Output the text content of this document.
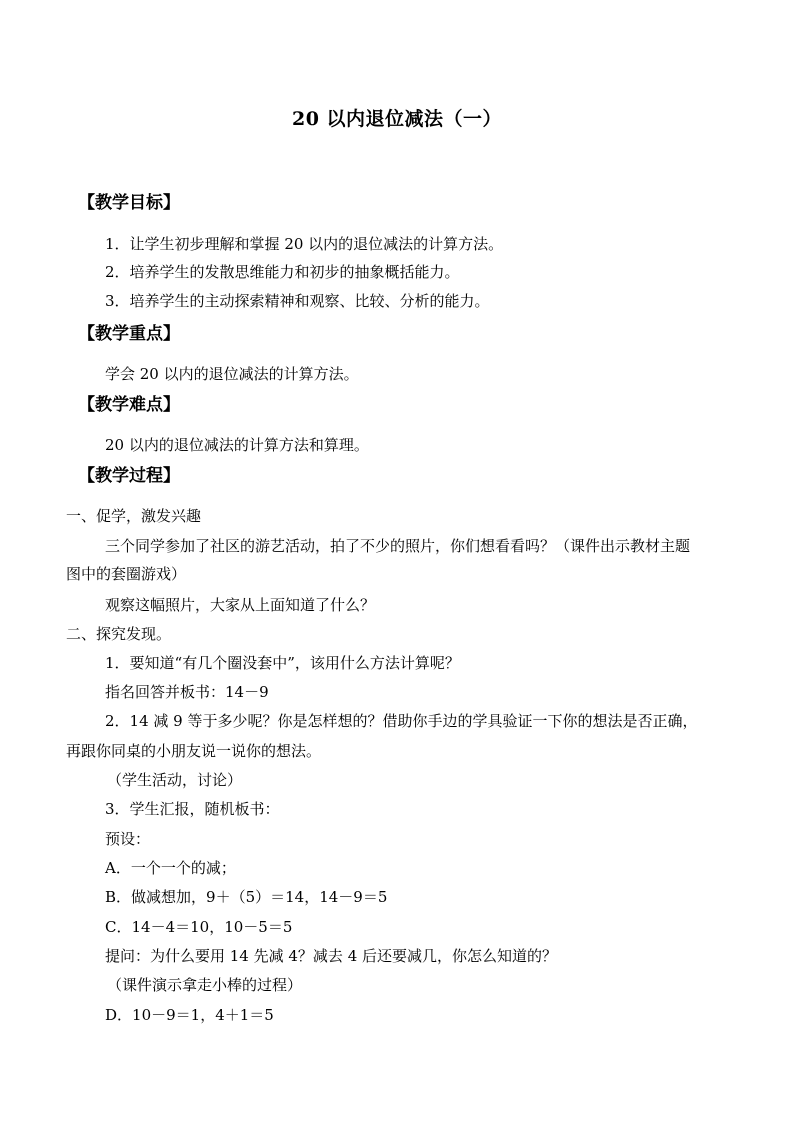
20 以内退位减法（一）
【教学目标】
1．让学生初步理解和掌握 20 以内的退位减法的计算方法。
2．培养学生的发散思维能力和初步的抽象概括能力。
3．培养学生的主动探索精神和观察、比较、分析的能力。
【教学重点】
学会 20 以内的退位减法的计算方法。
【教学难点】
20 以内的退位减法的计算方法和算理。
【教学过程】
一、促学，激发兴趣
三个同学参加了社区的游艺活动，拍了不少的照片，你们想看看吗？（课件出示教材主题
图中的套圈游戏）
观察这幅照片，大家从上面知道了什么？
二、探究发现。
1．要知道“有几个圈没套中”，该用什么方法计算呢？
指名回答并板书：14－9
2．14 减 9 等于多少呢？你是怎样想的？借助你手边的学具验证一下你的想法是否正确，
再跟你同桌的小朋友说一说你的想法。
（学生活动，讨论）
3．学生汇报，随机板书：
预设：
A．一个一个的减；
B．做减想加，9＋（5）＝14，14－9＝5
C．14－4＝10，10－5＝5
提问：为什么要用 14 先减 4？减去 4 后还要减几，你怎么知道的？
（课件演示拿走小棒的过程）
D．10－9＝1，4＋1＝5
